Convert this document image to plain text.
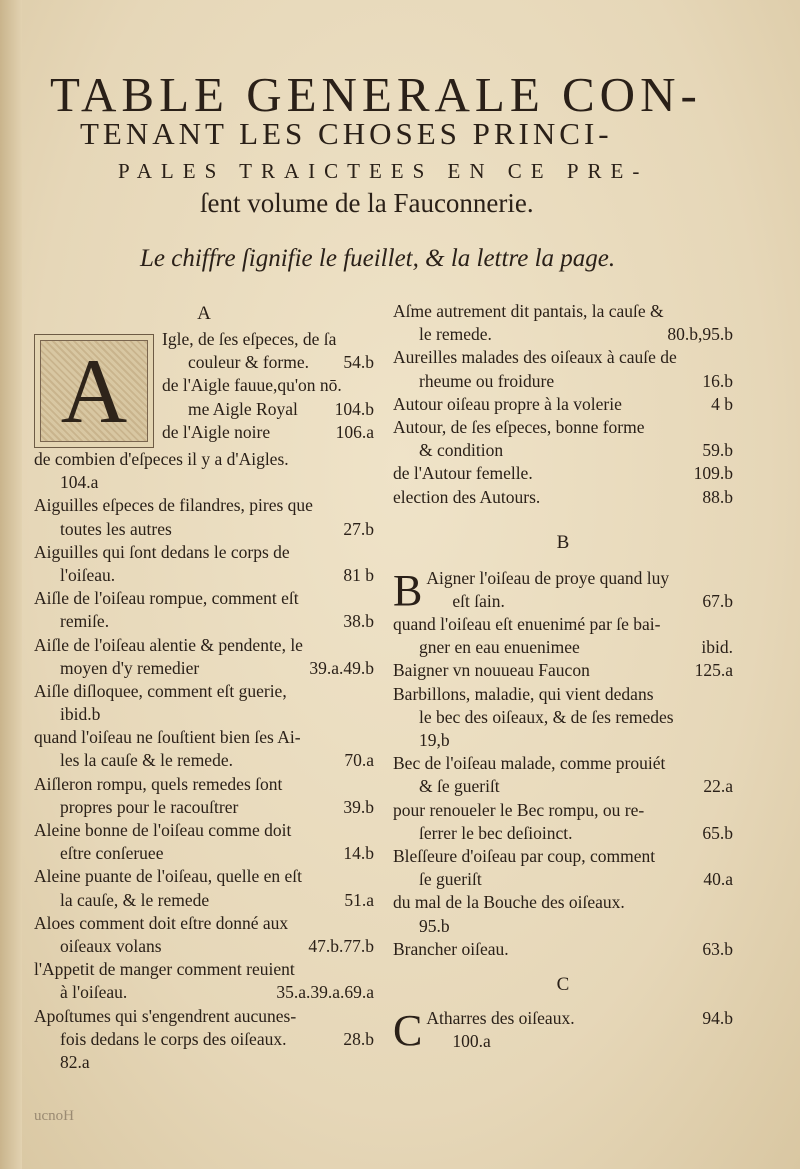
TABLE GENERALE CON-
TENANT LES CHOSES PRINCI-
PALES TRAICTEES EN CE PRE-
ſent volume de la Fauconnerie.
Le chiffre ſignifie le fueillet, & la lettre la page.
A
A
Igle, de ſes eſpeces, de ſa
couleur & forme. 54.b
de l'Aigle fauue,qu'on nō.
me Aigle Royal 104.b
de l'Aigle noire	106.a
de combien d'eſpeces il y a d'Aigles.
104.a
Aiguilles eſpeces de filandres, pires que
toutes les autres	27.b
Aiguilles qui ſont dedans le corps de
l'oiſeau.	81 b
Aiſle de l'oiſeau rompue, comment eſt
remiſe.	38.b
Aiſle de l'oiſeau alentie & pendente, le
moyen d'y remedier	39.a.49.b
Aiſle diſloquee, comment eſt guerie,
ibid.b
quand l'oiſeau ne ſouſtient bien ſes Ai-
les la cauſe & le remede.	70.a
Aiſleron rompu, quels remedes ſont
propres pour le racouſtrer	39.b
Aleine bonne de l'oiſeau comme doit
eſtre conſeruee	14.b
Aleine puante de l'oiſeau, quelle en eſt
la cauſe, & le remede	51.a
Aloes comment doit eſtre donné aux
oiſeaux volans	47.b.77.b
l'Appetit de manger comment reuient
à l'oiſeau.	35.a.39.a.69.a
Apoſtumes qui s'engendrent aucunes-
fois dedans le corps des oiſeaux.	28.b
82.a
Aſme autrement dit pantais, la cauſe &
le remede.	80.b,95.b
Aureilles malades des oiſeaux à cauſe de
rheume ou froidure	16.b
Autour oiſeau propre à la volerie	4 b
Autour, de ſes eſpeces, bonne forme
& condition	59.b
de l'Autour femelle.	109.b
election des Autours.	88.b
B
B Aigner l'oiſeau de proye quand luy
eſt ſain.	67.b
quand l'oiſeau eſt enuenimé par ſe bai-
gner en eau enuenimee	ibid.
Baigner vn nouueau Faucon	125.a
Barbillons, maladie, qui vient dedans
le bec des oiſeaux, & de ſes remedes
19,b
Bec de l'oiſeau malade, comme prouiét
& ſe gueriſt	22.a
pour renoueler le Bec rompu, ou re-
ſerrer le bec deſioinct.	65.b
Bleſſeure d'oiſeau par coup, comment
ſe gueriſt	40.a
du mal de la Bouche des oiſeaux.
95.b
Brancher oiſeau.	63.b
C
C Atharres des oiſeaux.	94.b
100.a
ucnoH
